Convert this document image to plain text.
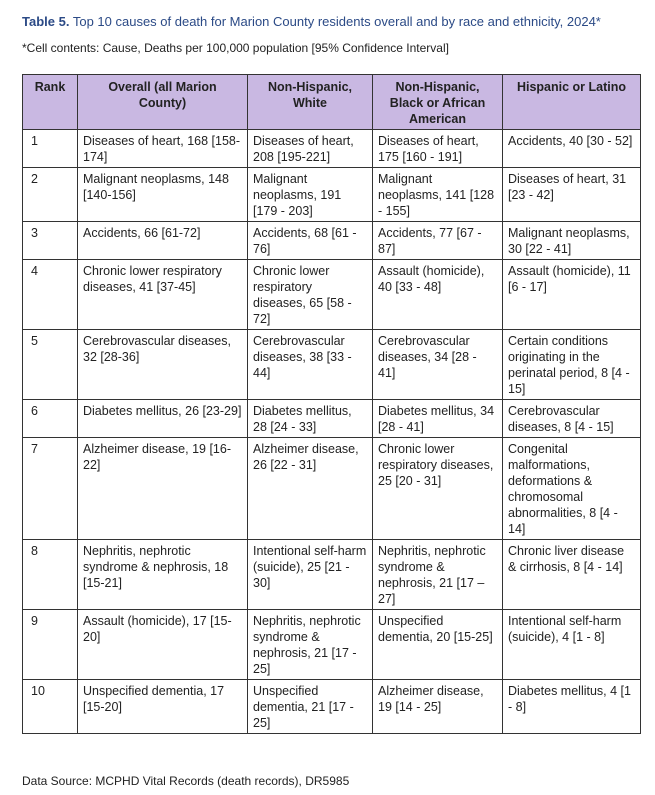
Table 5. Top 10 causes of death for Marion County residents overall and by race and ethnicity, 2024*
*Cell contents: Cause, Deaths per 100,000 population [95% Confidence Interval]
Rank	Overall (all Marion County)	Non-Hispanic, White	Non-Hispanic, Black or African American	Hispanic or Latino
1	Diseases of heart, 168 [158-174]	Diseases of heart, 208 [195-221]	Diseases of heart, 175 [160 - 191]	Accidents, 40 [30 - 52]
2	Malignant neoplasms, 148 [140-156]	Malignant neoplasms, 191 [179 - 203]	Malignant neoplasms, 141 [128 - 155]	Diseases of heart, 31 [23 - 42]
3	Accidents, 66 [61-72]	Accidents, 68 [61 - 76]	Accidents, 77 [67 - 87]	Malignant neoplasms, 30 [22 - 41]
4	Chronic lower respiratory diseases, 41 [37-45]	Chronic lower respiratory diseases, 65 [58 - 72]	Assault (homicide), 40 [33 - 48]	Assault (homicide), 11 [6 - 17]
5	Cerebrovascular diseases, 32 [28-36]	Cerebrovascular diseases, 38 [33 - 44]	Cerebrovascular diseases, 34 [28 - 41]	Certain conditions originating in the perinatal period, 8 [4 - 15]
6	Diabetes mellitus, 26 [23-29]	Diabetes mellitus, 28 [24 - 33]	Diabetes mellitus, 34 [28 - 41]	Cerebrovascular diseases, 8 [4 - 15]
7	Alzheimer disease, 19 [16-22]	Alzheimer disease, 26 [22 - 31]	Chronic lower respiratory diseases, 25 [20 - 31]	Congenital malformations, deformations & chromosomal abnormalities, 8 [4 - 14]
8	Nephritis, nephrotic syndrome & nephrosis, 18 [15-21]	Intentional self-harm (suicide), 25 [21 - 30]	Nephritis, nephrotic syndrome & nephrosis, 21 [17 – 27]	Chronic liver disease & cirrhosis, 8 [4 - 14]
9	Assault (homicide), 17 [15-20]	Nephritis, nephrotic syndrome & nephrosis, 21 [17 - 25]	Unspecified dementia, 20 [15-25]	Intentional self-harm (suicide), 4 [1 - 8]
10	Unspecified dementia, 17 [15-20]	Unspecified dementia, 21 [17 - 25]	Alzheimer disease, 19 [14 - 25]	Diabetes mellitus, 4 [1 - 8]
Data Source: MCPHD Vital Records (death records), DR5985
